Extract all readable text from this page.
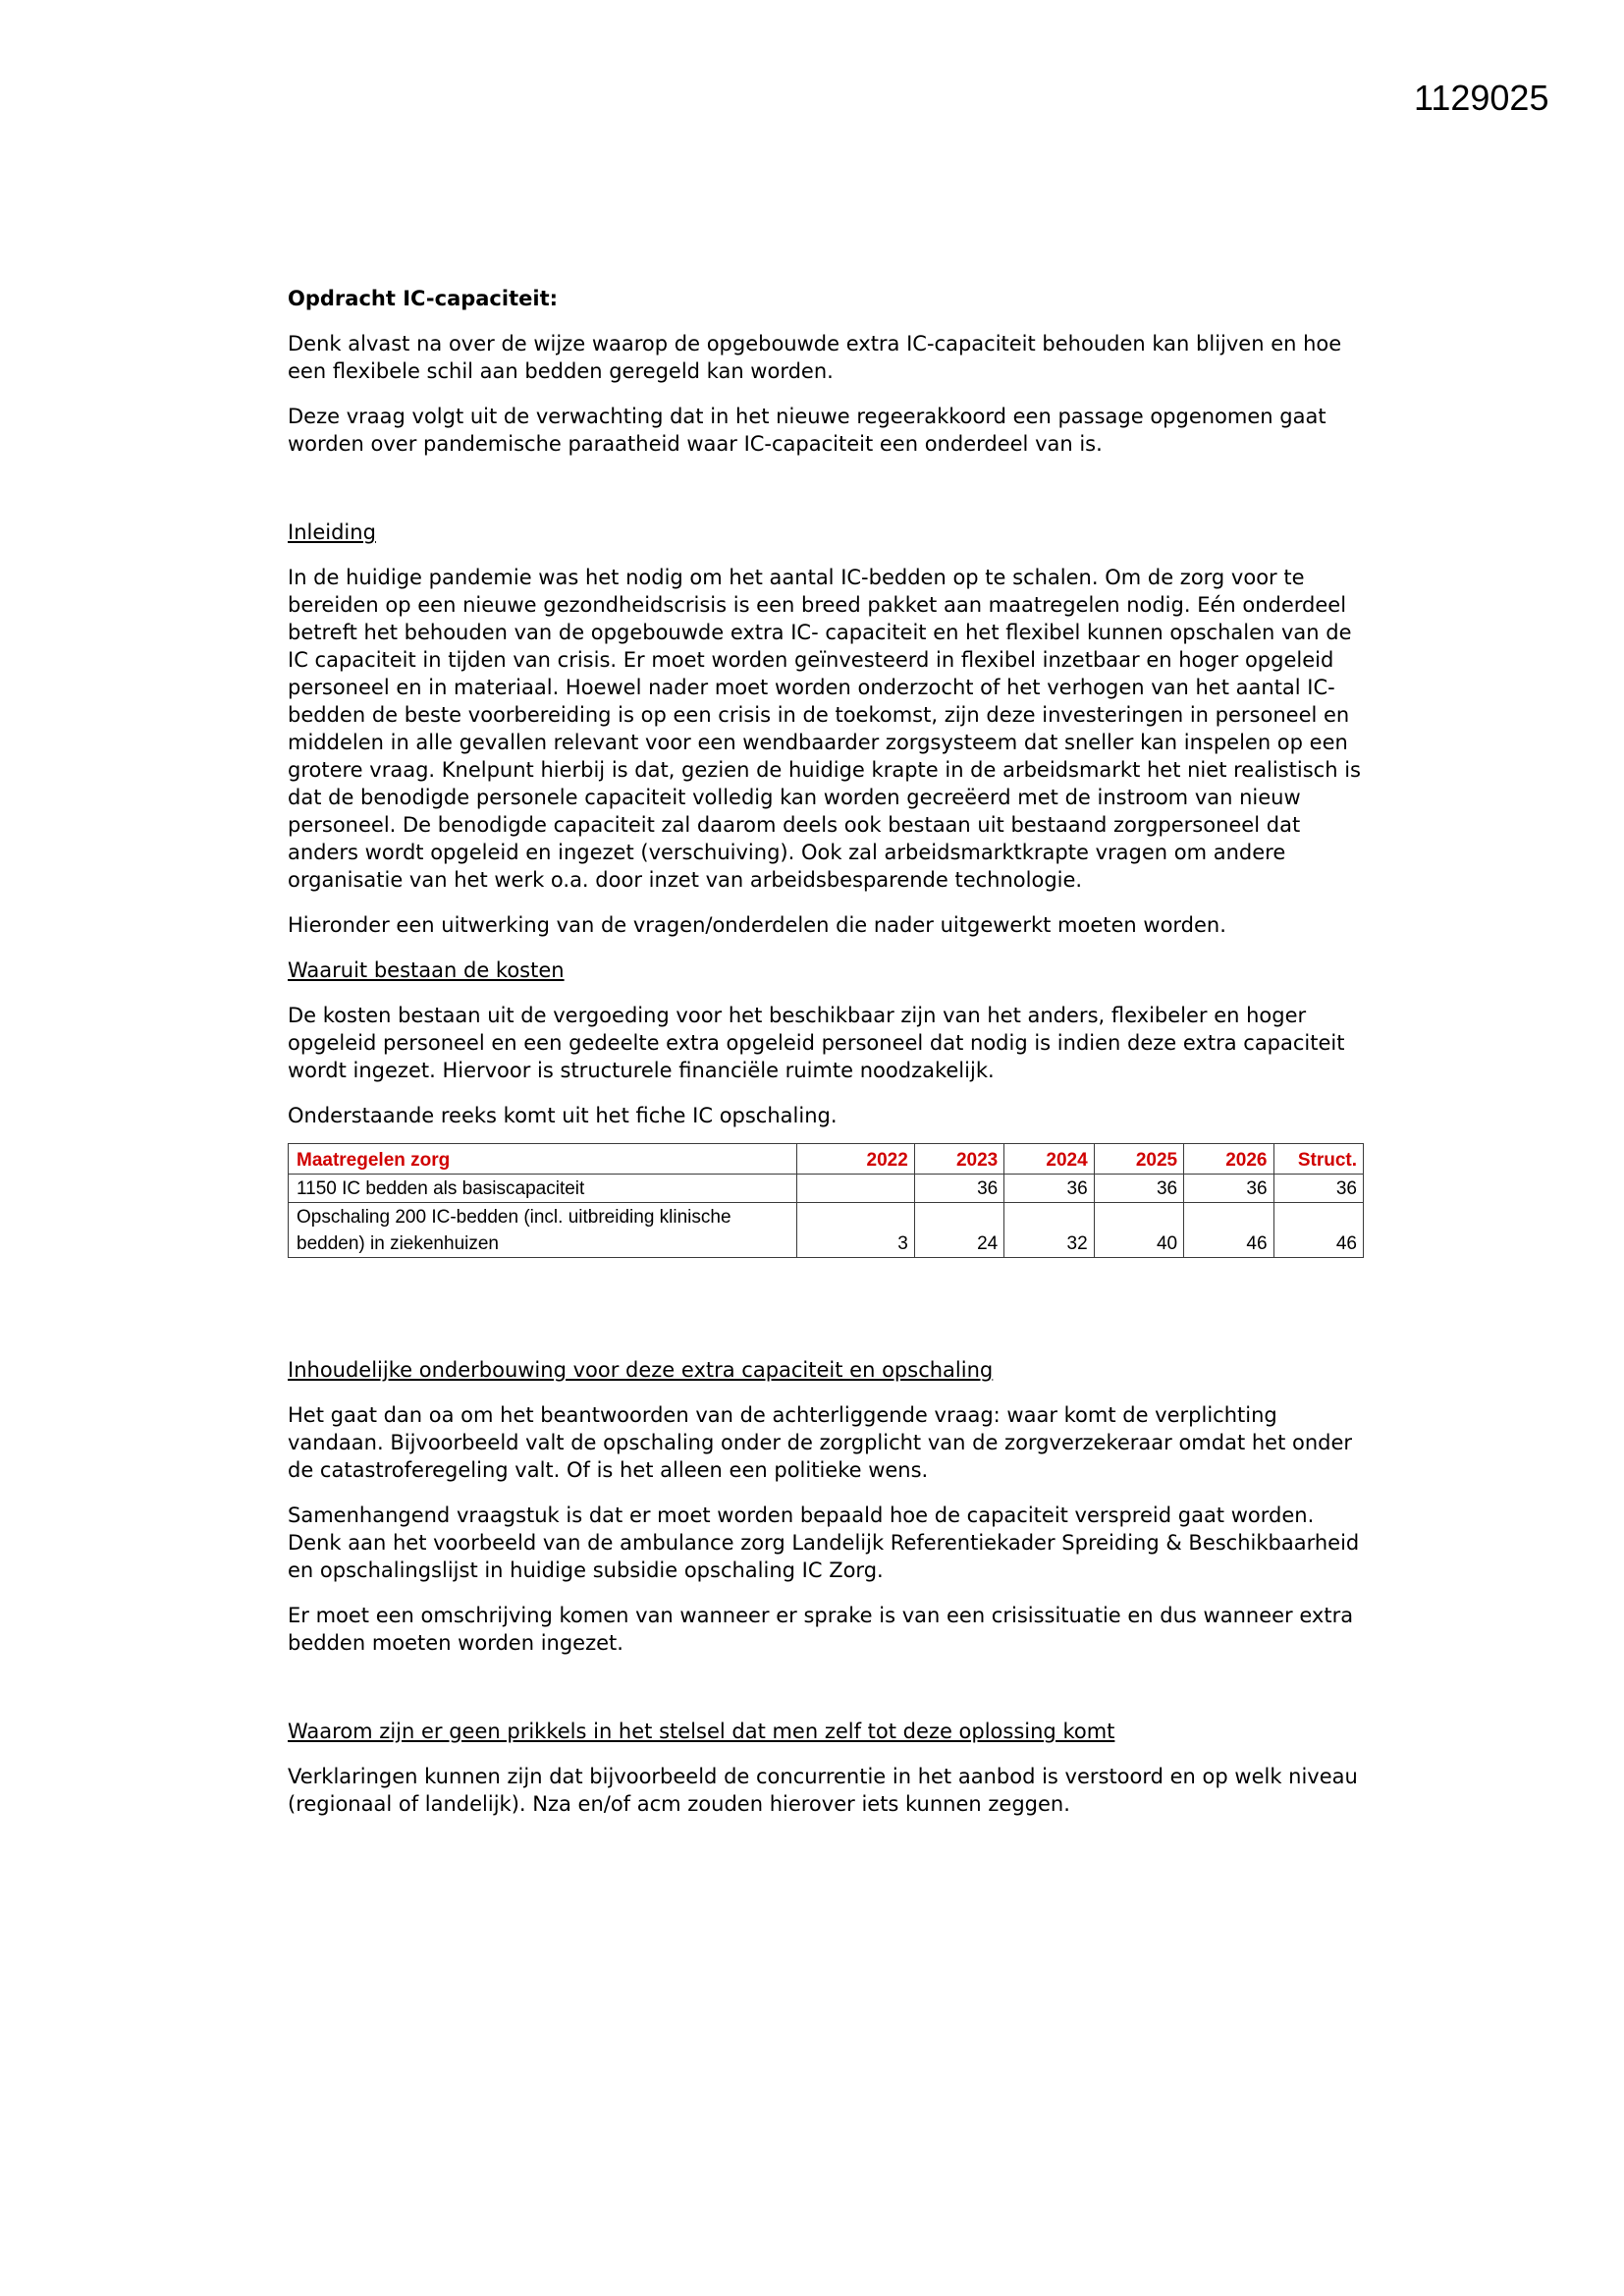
1129025

Opdracht IC-capaciteit:

Denk alvast na over de wijze waarop de opgebouwde extra IC-capaciteit behouden kan blijven en hoe een flexibele schil aan bedden geregeld kan worden.

Deze vraag volgt uit de verwachting dat in het nieuwe regeerakkoord een passage opgenomen gaat worden over pandemische paraatheid waar IC-capaciteit een onderdeel van is.

Inleiding

In de huidige pandemie was het nodig om het aantal IC-bedden op te schalen. Om de zorg voor te bereiden op een nieuwe gezondheidscrisis is een breed pakket aan maatregelen nodig. Eén onderdeel betreft het behouden van de opgebouwde extra IC- capaciteit en het flexibel kunnen opschalen van de IC capaciteit in tijden van crisis. Er moet worden geïnvesteerd in flexibel inzetbaar en hoger opgeleid personeel en in materiaal. Hoewel nader moet worden onderzocht of het verhogen van het aantal IC-bedden de beste voorbereiding is op een crisis in de toekomst, zijn deze investeringen in personeel en middelen in alle gevallen relevant voor een wendbaarder zorgsysteem dat sneller kan inspelen op een grotere vraag. Knelpunt hierbij is dat, gezien de huidige krapte in de arbeidsmarkt het niet realistisch is dat de benodigde personele capaciteit volledig kan worden gecreëerd met de instroom van nieuw personeel. De benodigde capaciteit zal daarom deels ook bestaan uit bestaand zorgpersoneel dat anders wordt opgeleid en ingezet (verschuiving). Ook zal arbeidsmarktkrapte vragen om andere organisatie van het werk o.a. door inzet van arbeidsbesparende technologie.

Hieronder een uitwerking van de vragen/onderdelen die nader uitgewerkt moeten worden.

Waaruit bestaan de kosten

De kosten bestaan uit de vergoeding voor het beschikbaar zijn van het anders, flexibeler en hoger opgeleid personeel en een gedeelte extra opgeleid personeel dat nodig is indien deze extra capaciteit wordt ingezet. Hiervoor is structurele financiële ruimte noodzakelijk.

Onderstaande reeks komt uit het fiche IC opschaling.

Maatregelen zorg	2022	2023	2024	2025	2026	Struct.
1150 IC bedden als basiscapaciteit		36	36	36	36	36
Opschaling 200 IC-bedden (incl. uitbreiding klinische bedden) in ziekenhuizen	3	24	32	40	46	46

Inhoudelijke onderbouwing voor deze extra capaciteit en opschaling

Het gaat dan oa om het beantwoorden van de achterliggende vraag: waar komt de verplichting vandaan. Bijvoorbeeld valt de opschaling onder de zorgplicht van de zorgverzekeraar omdat het onder de catastroferegeling valt. Of is het alleen een politieke wens.

Samenhangend vraagstuk is dat er moet worden bepaald hoe de capaciteit verspreid gaat worden. Denk aan het voorbeeld van de ambulance zorg Landelijk Referentiekader Spreiding & Beschikbaarheid en opschalingslijst in huidige subsidie opschaling IC Zorg.

Er moet een omschrijving komen van wanneer er sprake is van een crisissituatie en dus wanneer extra bedden moeten worden ingezet.

Waarom zijn er geen prikkels in het stelsel dat men zelf tot deze oplossing komt

Verklaringen kunnen zijn dat bijvoorbeeld de concurrentie in het aanbod is verstoord en op welk niveau (regionaal of landelijk). Nza en/of acm zouden hierover iets kunnen zeggen.
